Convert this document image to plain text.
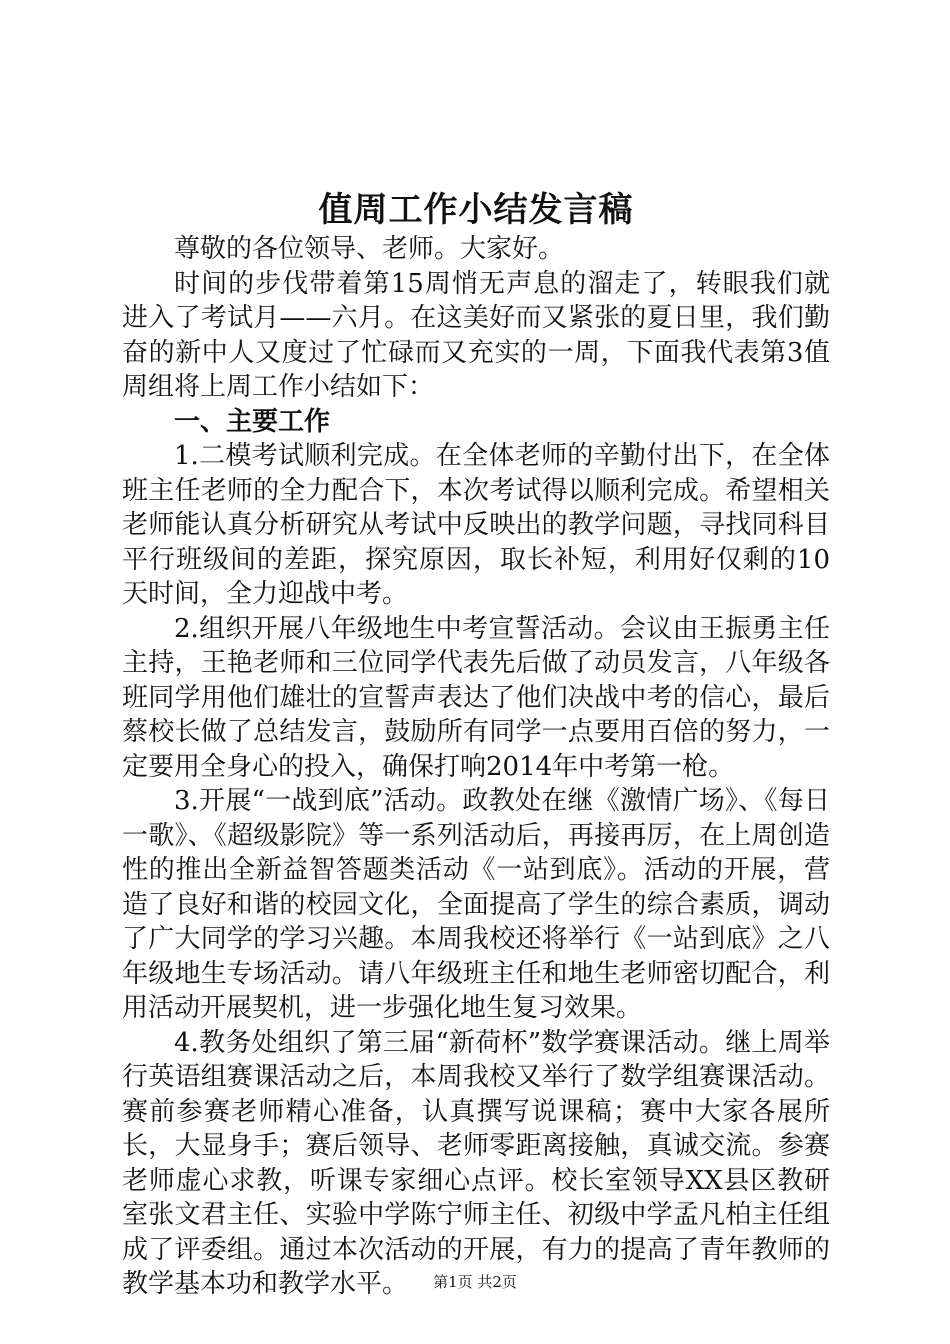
值周工作小结发言稿

尊敬的各位领导、老师。大家好。

时间的步伐带着第15周悄无声息的溜走了，转眼我们就进入了考试月——六月。在这美好而又紧张的夏日里，我们勤奋的新中人又度过了忙碌而又充实的一周，下面我代表第3值周组将上周工作小结如下：

一、主要工作

1.二模考试顺利完成。在全体老师的辛勤付出下，在全体班主任老师的全力配合下，本次考试得以顺利完成。希望相关老师能认真分析研究从考试中反映出的教学问题，寻找同科目平行班级间的差距，探究原因，取长补短，利用好仅剩的10天时间，全力迎战中考。

2.组织开展八年级地生中考宣誓活动。会议由王振勇主任主持，王艳老师和三位同学代表先后做了动员发言，八年级各班同学用他们雄壮的宣誓声表达了他们决战中考的信心，最后蔡校长做了总结发言，鼓励所有同学一点要用百倍的努力，一定要用全身心的投入，确保打响2014年中考第一枪。

3.开展“一战到底”活动。政教处在继《激情广场》、《每日一歌》、《超级影院》等一系列活动后，再接再厉，在上周创造性的推出全新益智答题类活动《一站到底》。活动的开展，营造了良好和谐的校园文化，全面提高了学生的综合素质，调动了广大同学的学习兴趣。本周我校还将举行《一站到底》之八年级地生专场活动。请八年级班主任和地生老师密切配合，利用活动开展契机，进一步强化地生复习效果。

4.教务处组织了第三届“新荷杯”数学赛课活动。继上周举行英语组赛课活动之后，本周我校又举行了数学组赛课活动。赛前参赛老师精心准备，认真撰写说课稿；赛中大家各展所长，大显身手；赛后领导、老师零距离接触，真诚交流。参赛老师虚心求教，听课专家细心点评。校长室领导XX县区教研室张文君主任、实验中学陈宁师主任、初级中学孟凡柏主任组成了评委组。通过本次活动的开展，有力的提高了青年教师的教学基本功和教学水平。	第1页 共2页
